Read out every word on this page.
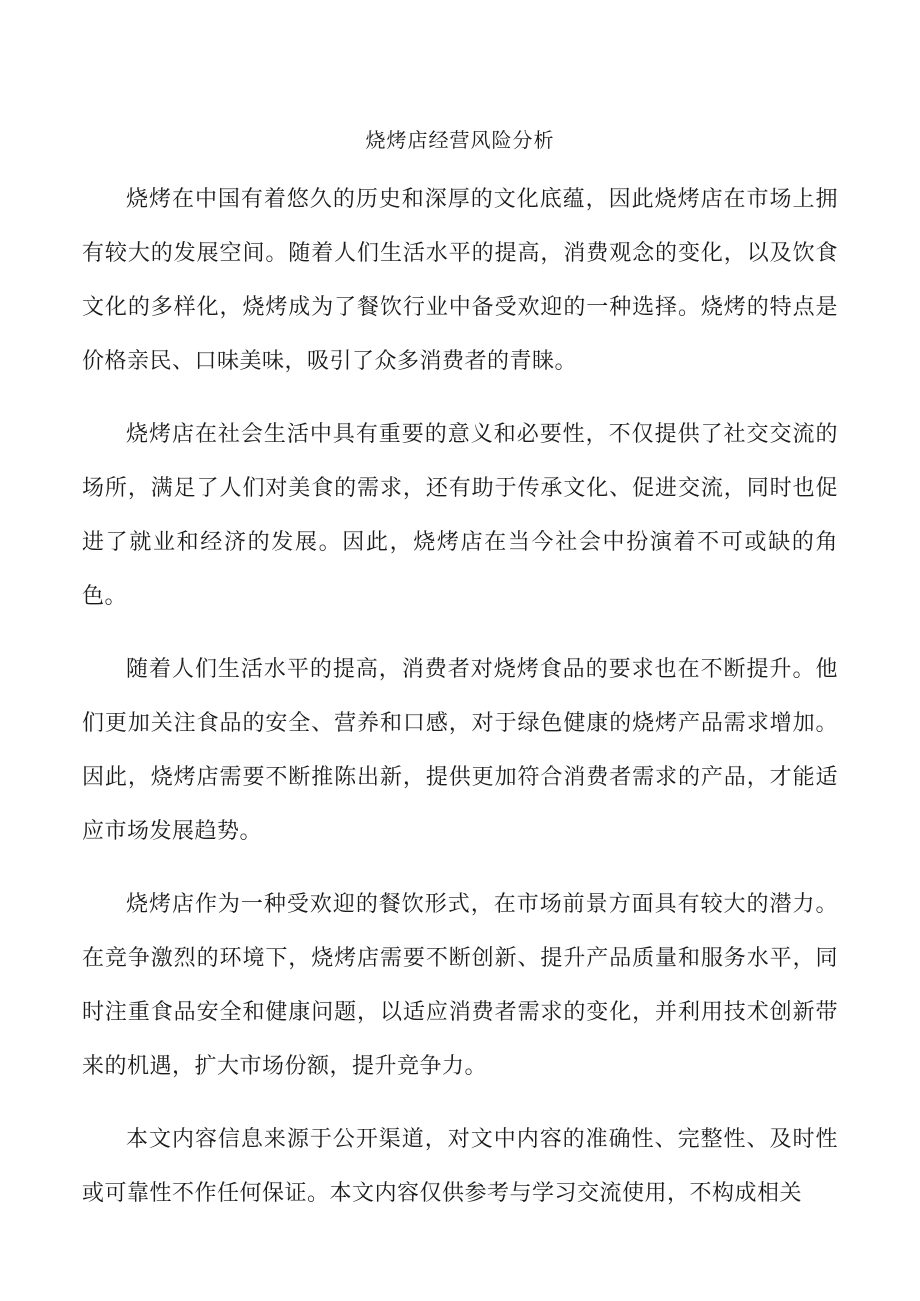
烧烤店经营风险分析

烧烤在中国有着悠久的历史和深厚的文化底蕴，因此烧烤店在市场上拥有较大的发展空间。随着人们生活水平的提高，消费观念的变化，以及饮食文化的多样化，烧烤成为了餐饮行业中备受欢迎的一种选择。烧烤的特点是价格亲民、口味美味，吸引了众多消费者的青睐。

烧烤店在社会生活中具有重要的意义和必要性，不仅提供了社交交流的场所，满足了人们对美食的需求，还有助于传承文化、促进交流，同时也促进了就业和经济的发展。因此，烧烤店在当今社会中扮演着不可或缺的角色。

随着人们生活水平的提高，消费者对烧烤食品的要求也在不断提升。他们更加关注食品的安全、营养和口感，对于绿色健康的烧烤产品需求增加。因此，烧烤店需要不断推陈出新，提供更加符合消费者需求的产品，才能适应市场发展趋势。

烧烤店作为一种受欢迎的餐饮形式，在市场前景方面具有较大的潜力。在竞争激烈的环境下，烧烤店需要不断创新、提升产品质量和服务水平，同时注重食品安全和健康问题，以适应消费者需求的变化，并利用技术创新带来的机遇，扩大市场份额，提升竞争力。

本文内容信息来源于公开渠道，对文中内容的准确性、完整性、及时性或可靠性不作任何保证。本文内容仅供参考与学习交流使用，不构成相关
